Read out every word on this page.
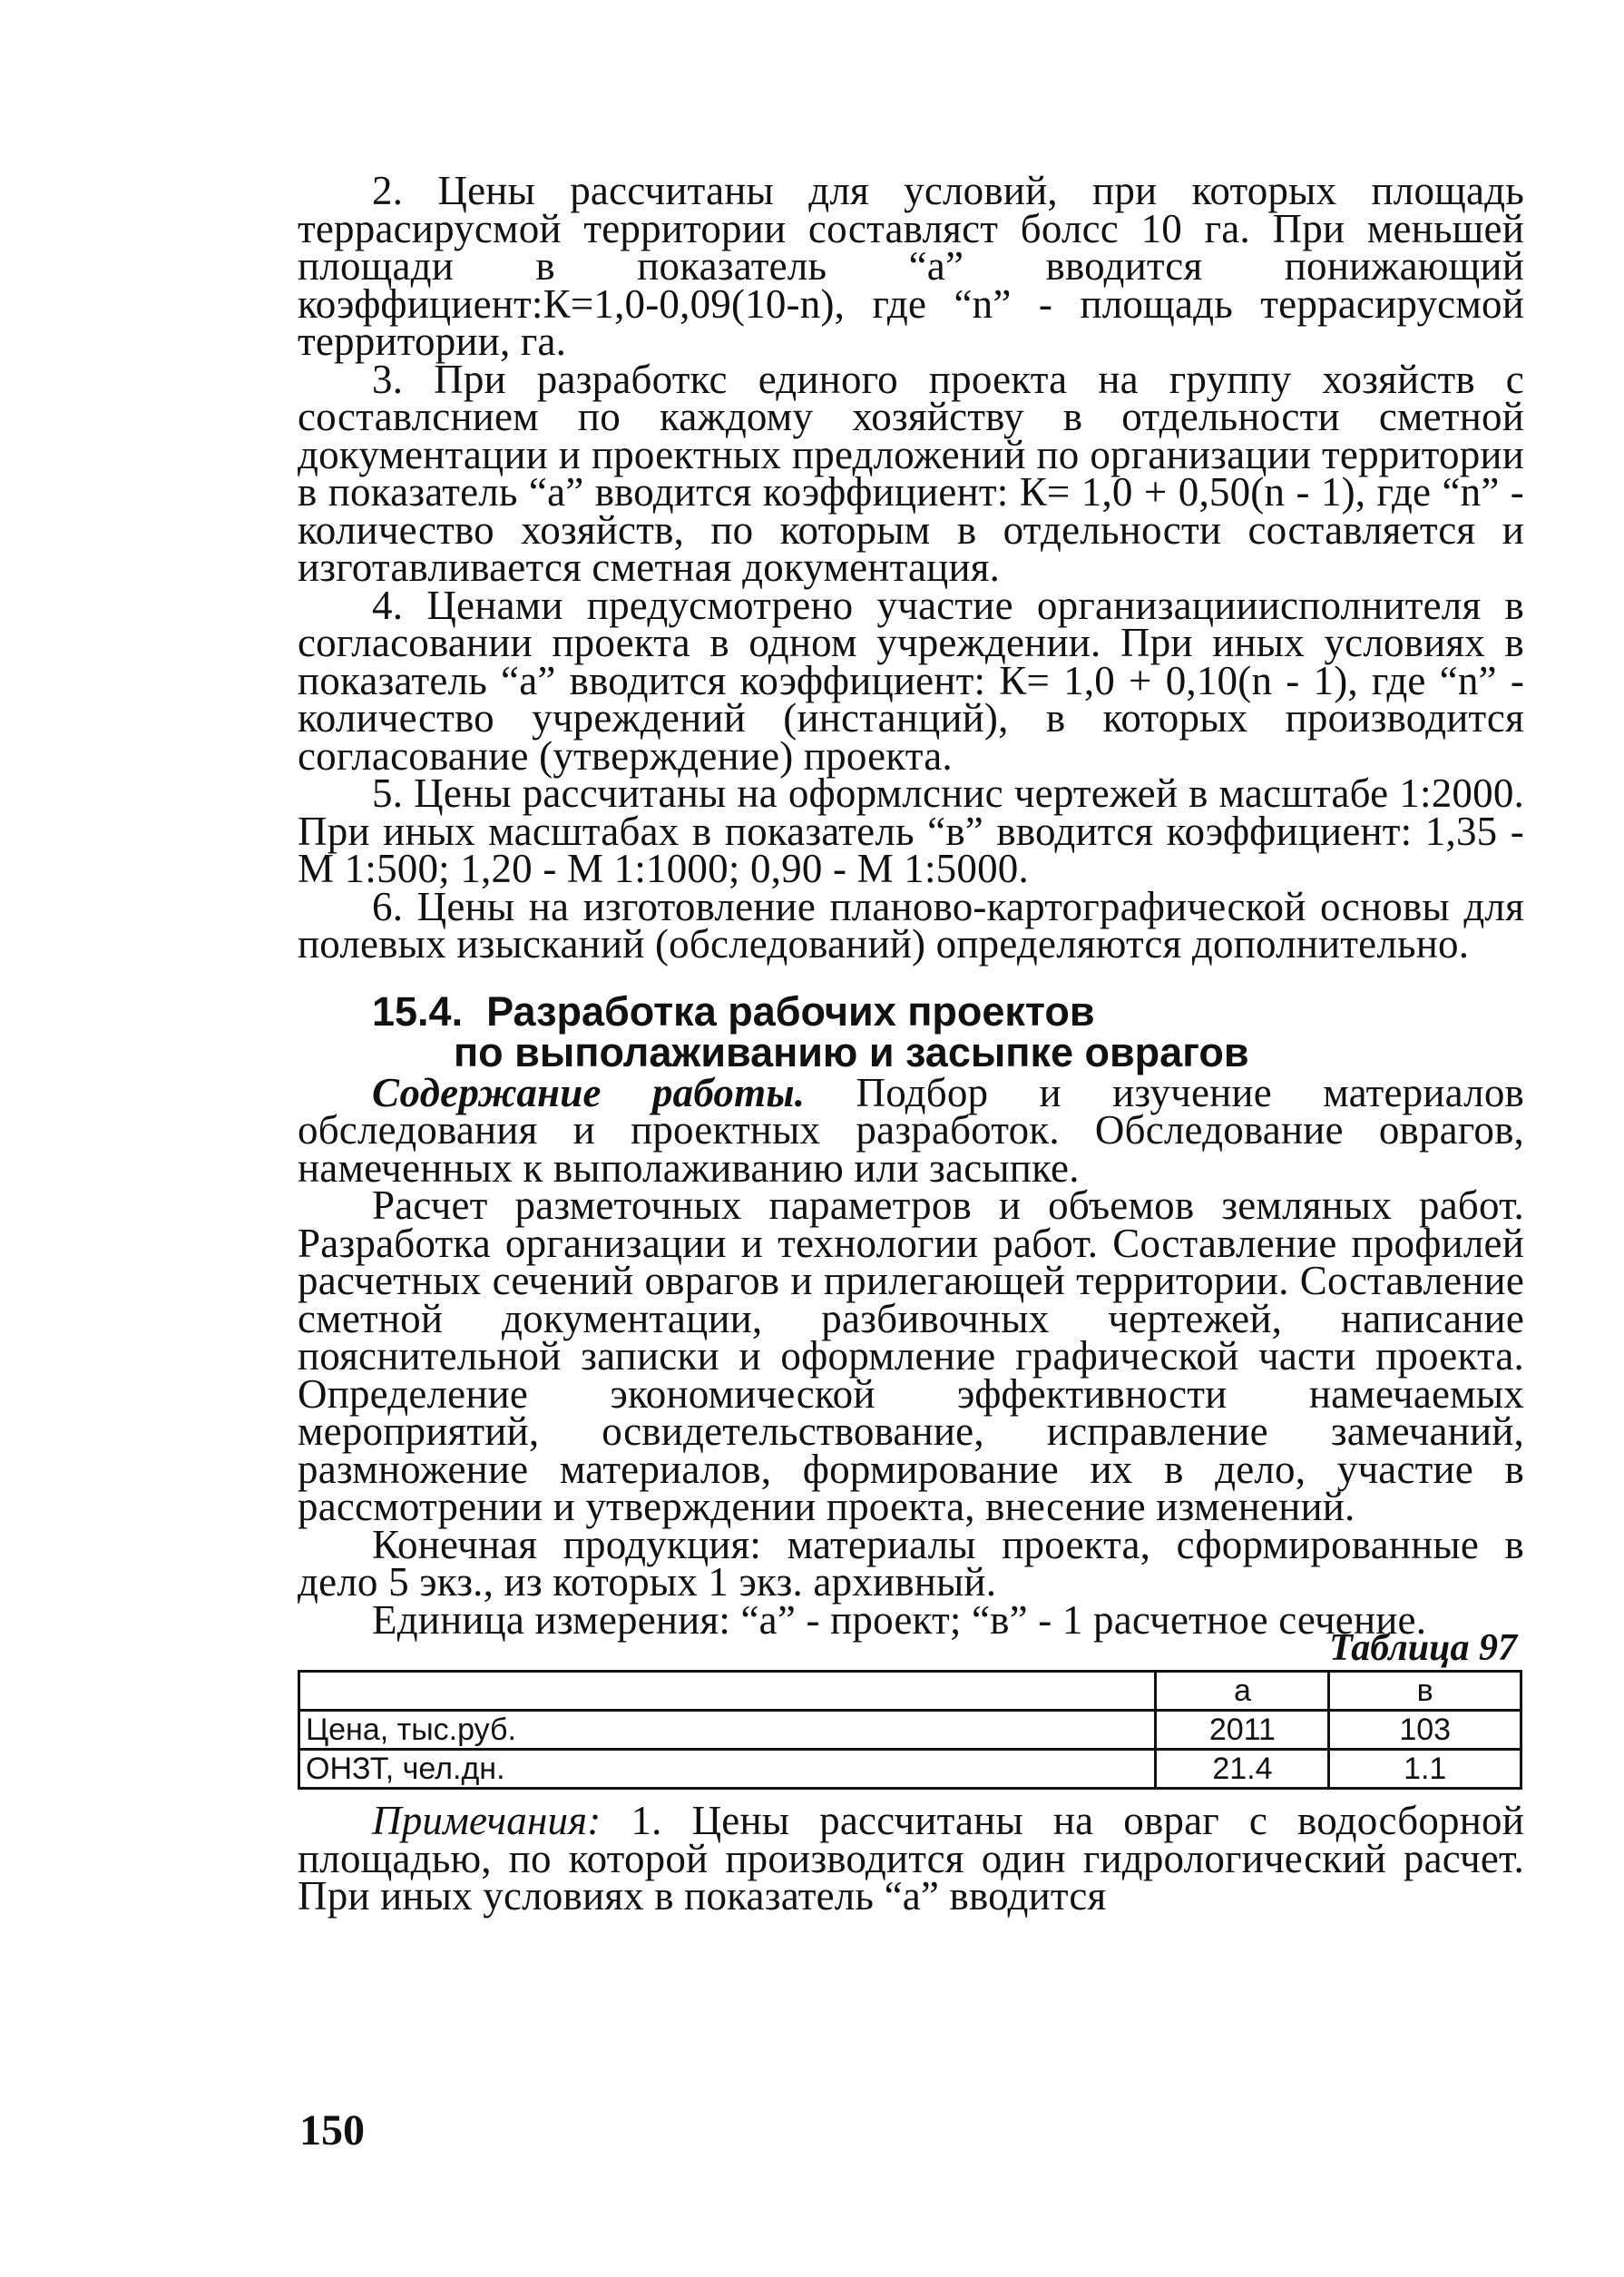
2. Цены рассчитаны для условий, при которых площадь террасирусмой территории составляст болсс 10 га. При меньшей площади в показатель “а” вводится понижающий коэффициент:К=1,0-0,09(10-n), где “n” - площадь террасирусмой территории, га.

3. При разработкс единого проекта на группу хозяйств с составлснием по каждому хозяйству в отдельности сметной документации и проектных предложений по организации территории в показатель “а” вводится коэффициент: К= 1,0 + 0,50(n - 1), где “n” - количество хозяйств, по которым в отдельности составляется и изготавливается сметная документация.

4. Ценами предусмотрено участие организацииисполнителя в согласовании проекта в одном учреждении. При иных условиях в показатель “а” вводится коэффициент: К= 1,0 + 0,10(n - 1), где “n” - количество учреждений (инстанций), в которых производится согласование (утверждение) проекта.

5. Цены рассчитаны на оформлснис чертежей в масштабе 1:2000. При иных масштабах в показатель “в” вводится коэффициент: 1,35 - М 1:500; 1,20 - М 1:1000; 0,90 - М 1:5000.

6. Цены на изготовление планово-картографической основы для полевых изысканий (обследований) определяются дополнительно.

15.4. Разработка рабочих проектов
по выполаживанию и засыпке оврагов

Содержание работы. Подбор и изучение материалов обследования и проектных разработок. Обследование оврагов, намеченных к выполаживанию или засыпке.

Расчет разметочных параметров и объемов земляных работ. Разработка организации и технологии работ. Составление профилей расчетных сечений оврагов и прилегающей территории. Составление сметной документации, разбивочных чертежей, написание пояснительной записки и оформление графической части проекта. Определение экономической эффективности намечаемых мероприятий, освидетельствование, исправление замечаний, размножение материалов, формирование их в дело, участие в рассмотрении и утверждении проекта, внесение изменений.

Конечная продукция: материалы проекта, сформированные в дело 5 экз., из которых 1 экз. архивный.

Единица измерения: “а” - проект; “в” - 1 расчетное сечение.

Таблица 97
	а	в
Цена, тыс.руб.	2011	103
ОНЗТ, чел.дн.	21.4	1.1

Примечания: 1. Цены рассчитаны на овраг с водосборной площадью, по которой производится один гидрологический расчет. При иных условиях в показатель “а” вводится

150
